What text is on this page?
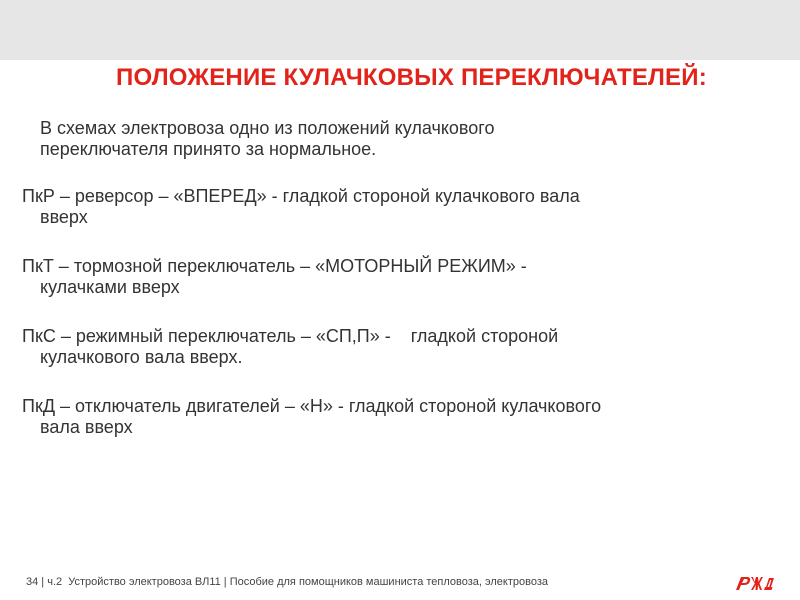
ПОЛОЖЕНИЕ КУЛАЧКОВЫХ ПЕРЕКЛЮЧАТЕЛЕЙ:

В схемах электровоза одно из положений кулачкового
переключателя принято за нормальное.

ПкР – реверсор – «ВПЕРЕД» - гладкой стороной кулачкового вала
вверх
ПкТ – тормозной переключатель – «МОТОРНЫЙ РЕЖИМ» -
кулачками вверх
ПкС – режимный переключатель – «СП,П» -    гладкой стороной
кулачкового вала вверх.
ПкД – отключатель двигателей – «Н» - гладкой стороной кулачкового
вала вверх
34 | ч.2  Устройство электровоза ВЛ11 | Пособие для помощников машиниста тепловоза, электровоза
